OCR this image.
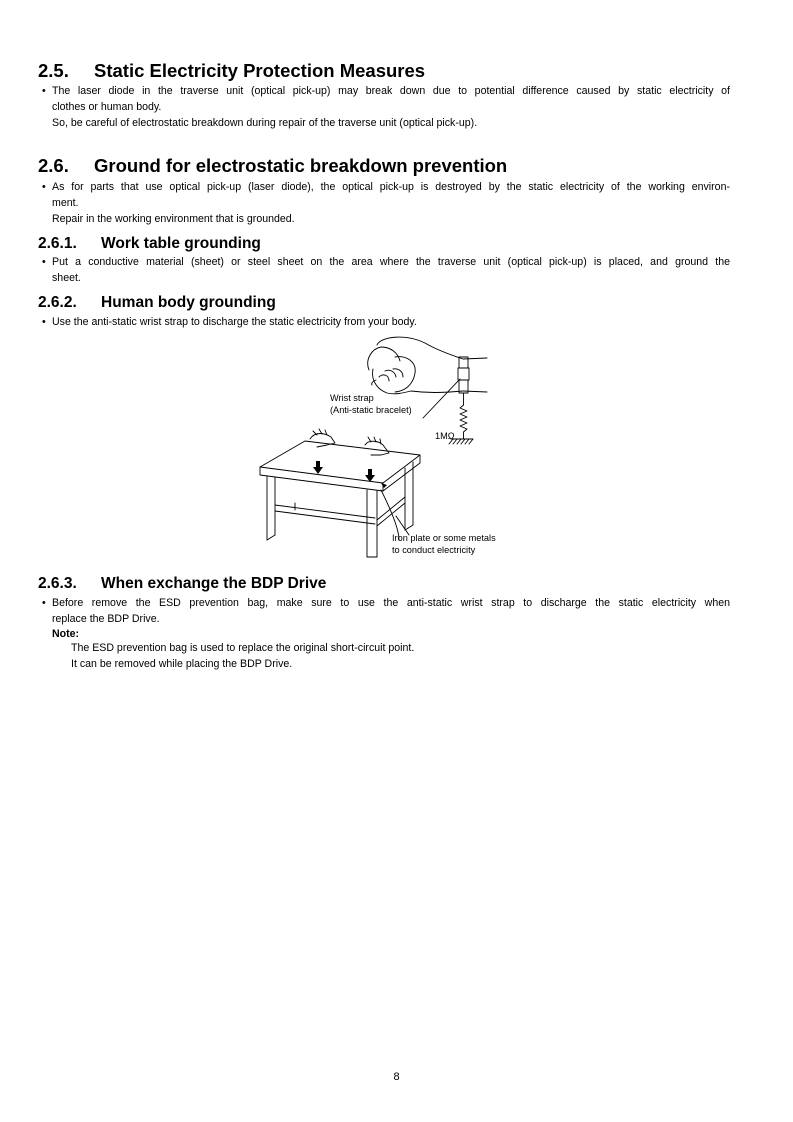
2.5. Static Electricity Protection Measures
• The laser diode in the traverse unit (optical pick-up) may break down due to potential difference caused by static electricity of
clothes or human body.
So, be careful of electrostatic breakdown during repair of the traverse unit (optical pick-up).
2.6. Ground for electrostatic breakdown prevention
• As for parts that use optical pick-up (laser diode), the optical pick-up is destroyed by the static electricity of the working environ-
ment.
Repair in the working environment that is grounded.
2.6.1. Work table grounding
• Put a conductive material (sheet) or steel sheet on the area where the traverse unit (optical pick-up) is placed, and ground the
sheet.
2.6.2. Human body grounding
• Use the anti-static wrist strap to discharge the static electricity from your body.
Wrist strap
(Anti-static bracelet)
1MΩ
Iron plate or some metals
to conduct electricity
2.6.3. When exchange the BDP Drive
• Before remove the ESD prevention bag, make sure to use the anti-static wrist strap to discharge the static electricity when
replace the BDP Drive.
Note:
The ESD prevention bag is used to replace the original short-circuit point.
It can be removed while placing the BDP Drive.
8
